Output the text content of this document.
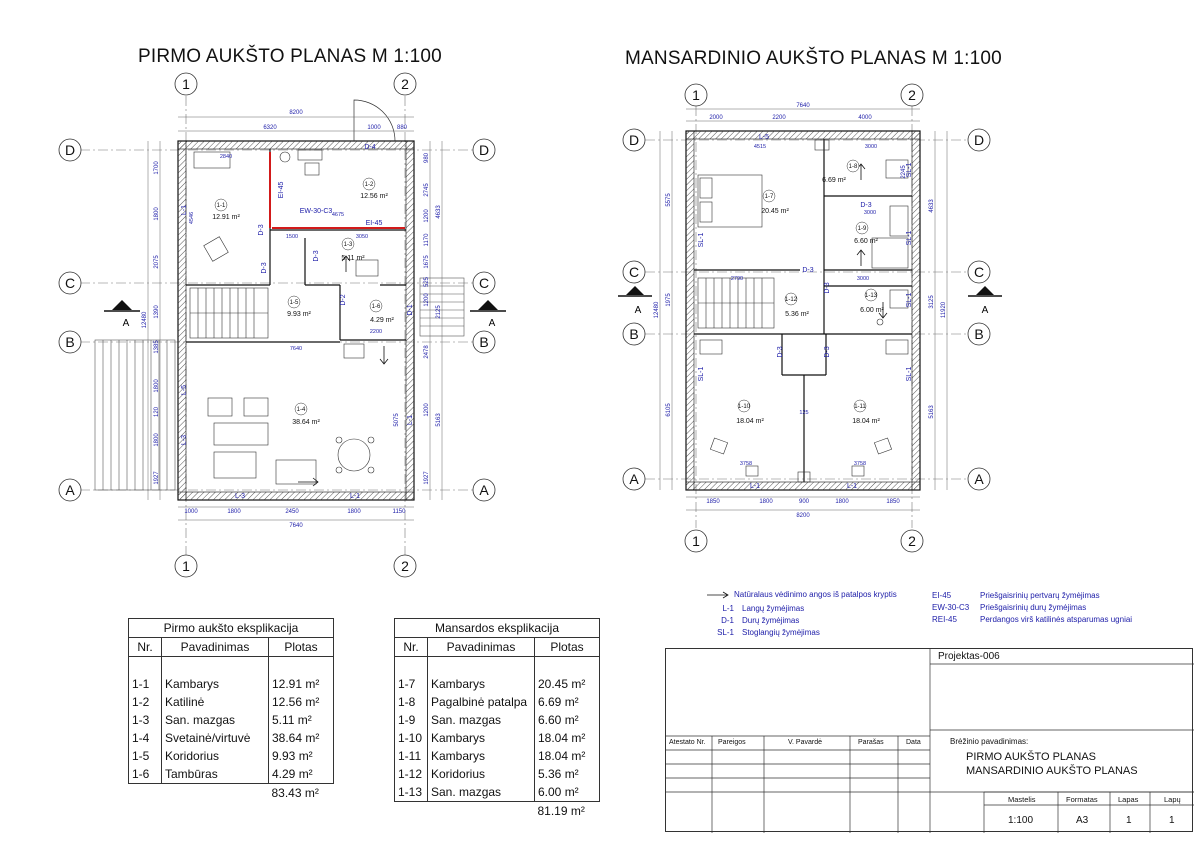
PIRMO AUKŠTO PLANAS M 1:100	MANSARDINIO AUKŠTO PLANAS M 1:100
1	2
1	2
D
C
B
A
D
C
B
A
A	A
8200
6320	1000	880
1000	1800	2450	1800	1150
7640
1700
1800
2075
1390
1385
1800
120
1800
1927
12480
980
2745
1200
1170
1675
525
1200
2478
1200
1927
4633
2125
5075	5163
EI-45
EI-45
EW-30-C3
D-3
D-3
D-3
D-4
D-2
D-1
L-1
L-1
L-1
L-3
L-3
L-5
2840
4675
1500	3050
2200
7640
4546
1-1
1-2
1-3
1-4
1-5
1-6
12.91 m²
12.56 m²
5.11 m²
38.64 m²
9.93 m²
4.29 m²
1	2
1	2
D
C
B
A
D
C
B
A
A	A
7640
2000	2200	4000
1850	1800	900	1800	1850
8200
5575
1975
12480
6105
2245
4633
3125 11920
5163
L-5
L-1	L-1
SL-1
SL-1
SL-1
SL-1
SL-1	SL-1
D-3
D-3
D-3
D-3	D-3
4515	3000
3000
3000
2790
3758	3758
125
1-7
1-8
1-9
1-10	1-11
1-12
1-13
20.45 m²
6.69 m²
6.60 m²
18.04 m²	18.04 m²
5.36 m²
6.00 m²
Pirmo aukšto eksplikacija		
Nr.	Pavadinimas	Plotas

1-1	Kambarys	12.91 m²
1-2	Katilinė	12.56 m²
1-3	San. mazgas	5.11 m²
1-4	Svetainė/virtuvė	38.64 m²
1-5	Koridorius	9.93 m²
1-6	Tambūras	4.29 m²
		83.43 m²
Mansardos eksplikacija		
Nr.	Pavadinimas	Plotas

1-7	Kambarys	20.45 m²
1-8	Pagalbinė patalpa	6.69 m²
1-9	San. mazgas	6.60 m²
1-10	Kambarys	18.04 m²
1-11	Kambarys	18.04 m²
1-12	Koridorius	5.36 m²
1-13	San. mazgas	6.00 m²
		81.19 m²
Natūralaus vėdinimo angos iš patalpos kryptis
L-1 Langų žymėjimas
D-1 Durų žymėjimas
SL-1 Stoglangių žymėjimas
EI-45	Priešgaisrinių pertvarų žymėjimas
EW-30-C3	Priešgaisrinių durų žymėjimas
REI-45	Perdangos virš katilinės atsparumas ugniai
Projektas-006
Atestato Nr. Pareigos	V. Pavardė	Parašas	Data	Brėžinio pavadinimas:
PIRMO AUKŠTO PLANAS
MANSARDINIO AUKŠTO PLANAS
Mastelis	Formatas	Lapas	Lapų
1:100	A3	1	1
